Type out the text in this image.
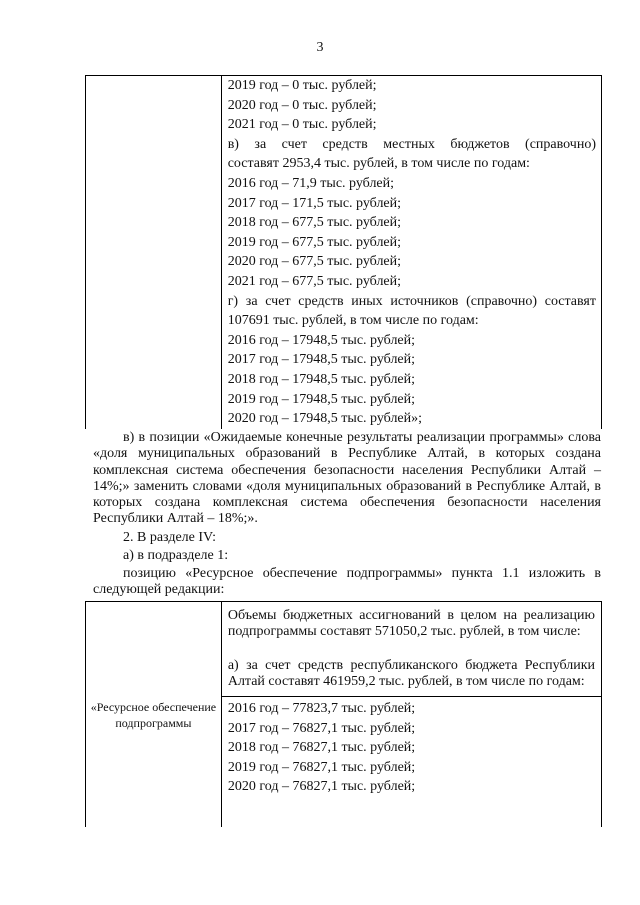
3

2019 год – 0 тыс. рублей;
2020 год – 0 тыс. рублей;
2021 год – 0 тыс. рублей;
в) за счет средств местных бюджетов (справочно)
составят 2953,4 тыс. рублей, в том числе по годам:
2016 год – 71,9 тыс. рублей;
2017 год – 171,5 тыс. рублей;
2018 год – 677,5 тыс. рублей;
2019 год – 677,5 тыс. рублей;
2020 год – 677,5 тыс. рублей;
2021 год – 677,5 тыс. рублей;
г) за счет средств иных источников (справочно) составят
107691 тыс. рублей, в том числе по годам:
2016 год – 17948,5 тыс. рублей;
2017 год – 17948,5 тыс. рублей;
2018 год – 17948,5 тыс. рублей;
2019 год – 17948,5 тыс. рублей;
2020 год – 17948,5 тыс. рублей»;
в) в позиции «Ожидаемые конечные результаты реализации программы» слова «доля муниципальных образований в Республике Алтай, в которых создана комплексная система обеспечения безопасности населения Республики Алтай – 14%;» заменить словами «доля муниципальных образований в Республике Алтай, в которых создана комплексная система обеспечения безопасности населения Республики Алтай – 18%;».
2. В разделе IV:
а) в подразделе 1:
позицию «Ресурсное обеспечение подпрограммы» пункта 1.1 изложить в следующей редакции:
«Ресурсное обеспечение подпрограммы

Объемы бюджетных ассигнований в целом на реализацию подпрограммы составят 571050,2 тыс. рублей, в том числе:
а) за счет средств республиканского бюджета Республики Алтай составят 461959,2 тыс. рублей, в том числе по годам:
2016 год – 77823,7 тыс. рублей;
2017 год – 76827,1 тыс. рублей;
2018 год – 76827,1 тыс. рублей;
2019 год – 76827,1 тыс. рублей;
2020 год – 76827,1 тыс. рублей;
